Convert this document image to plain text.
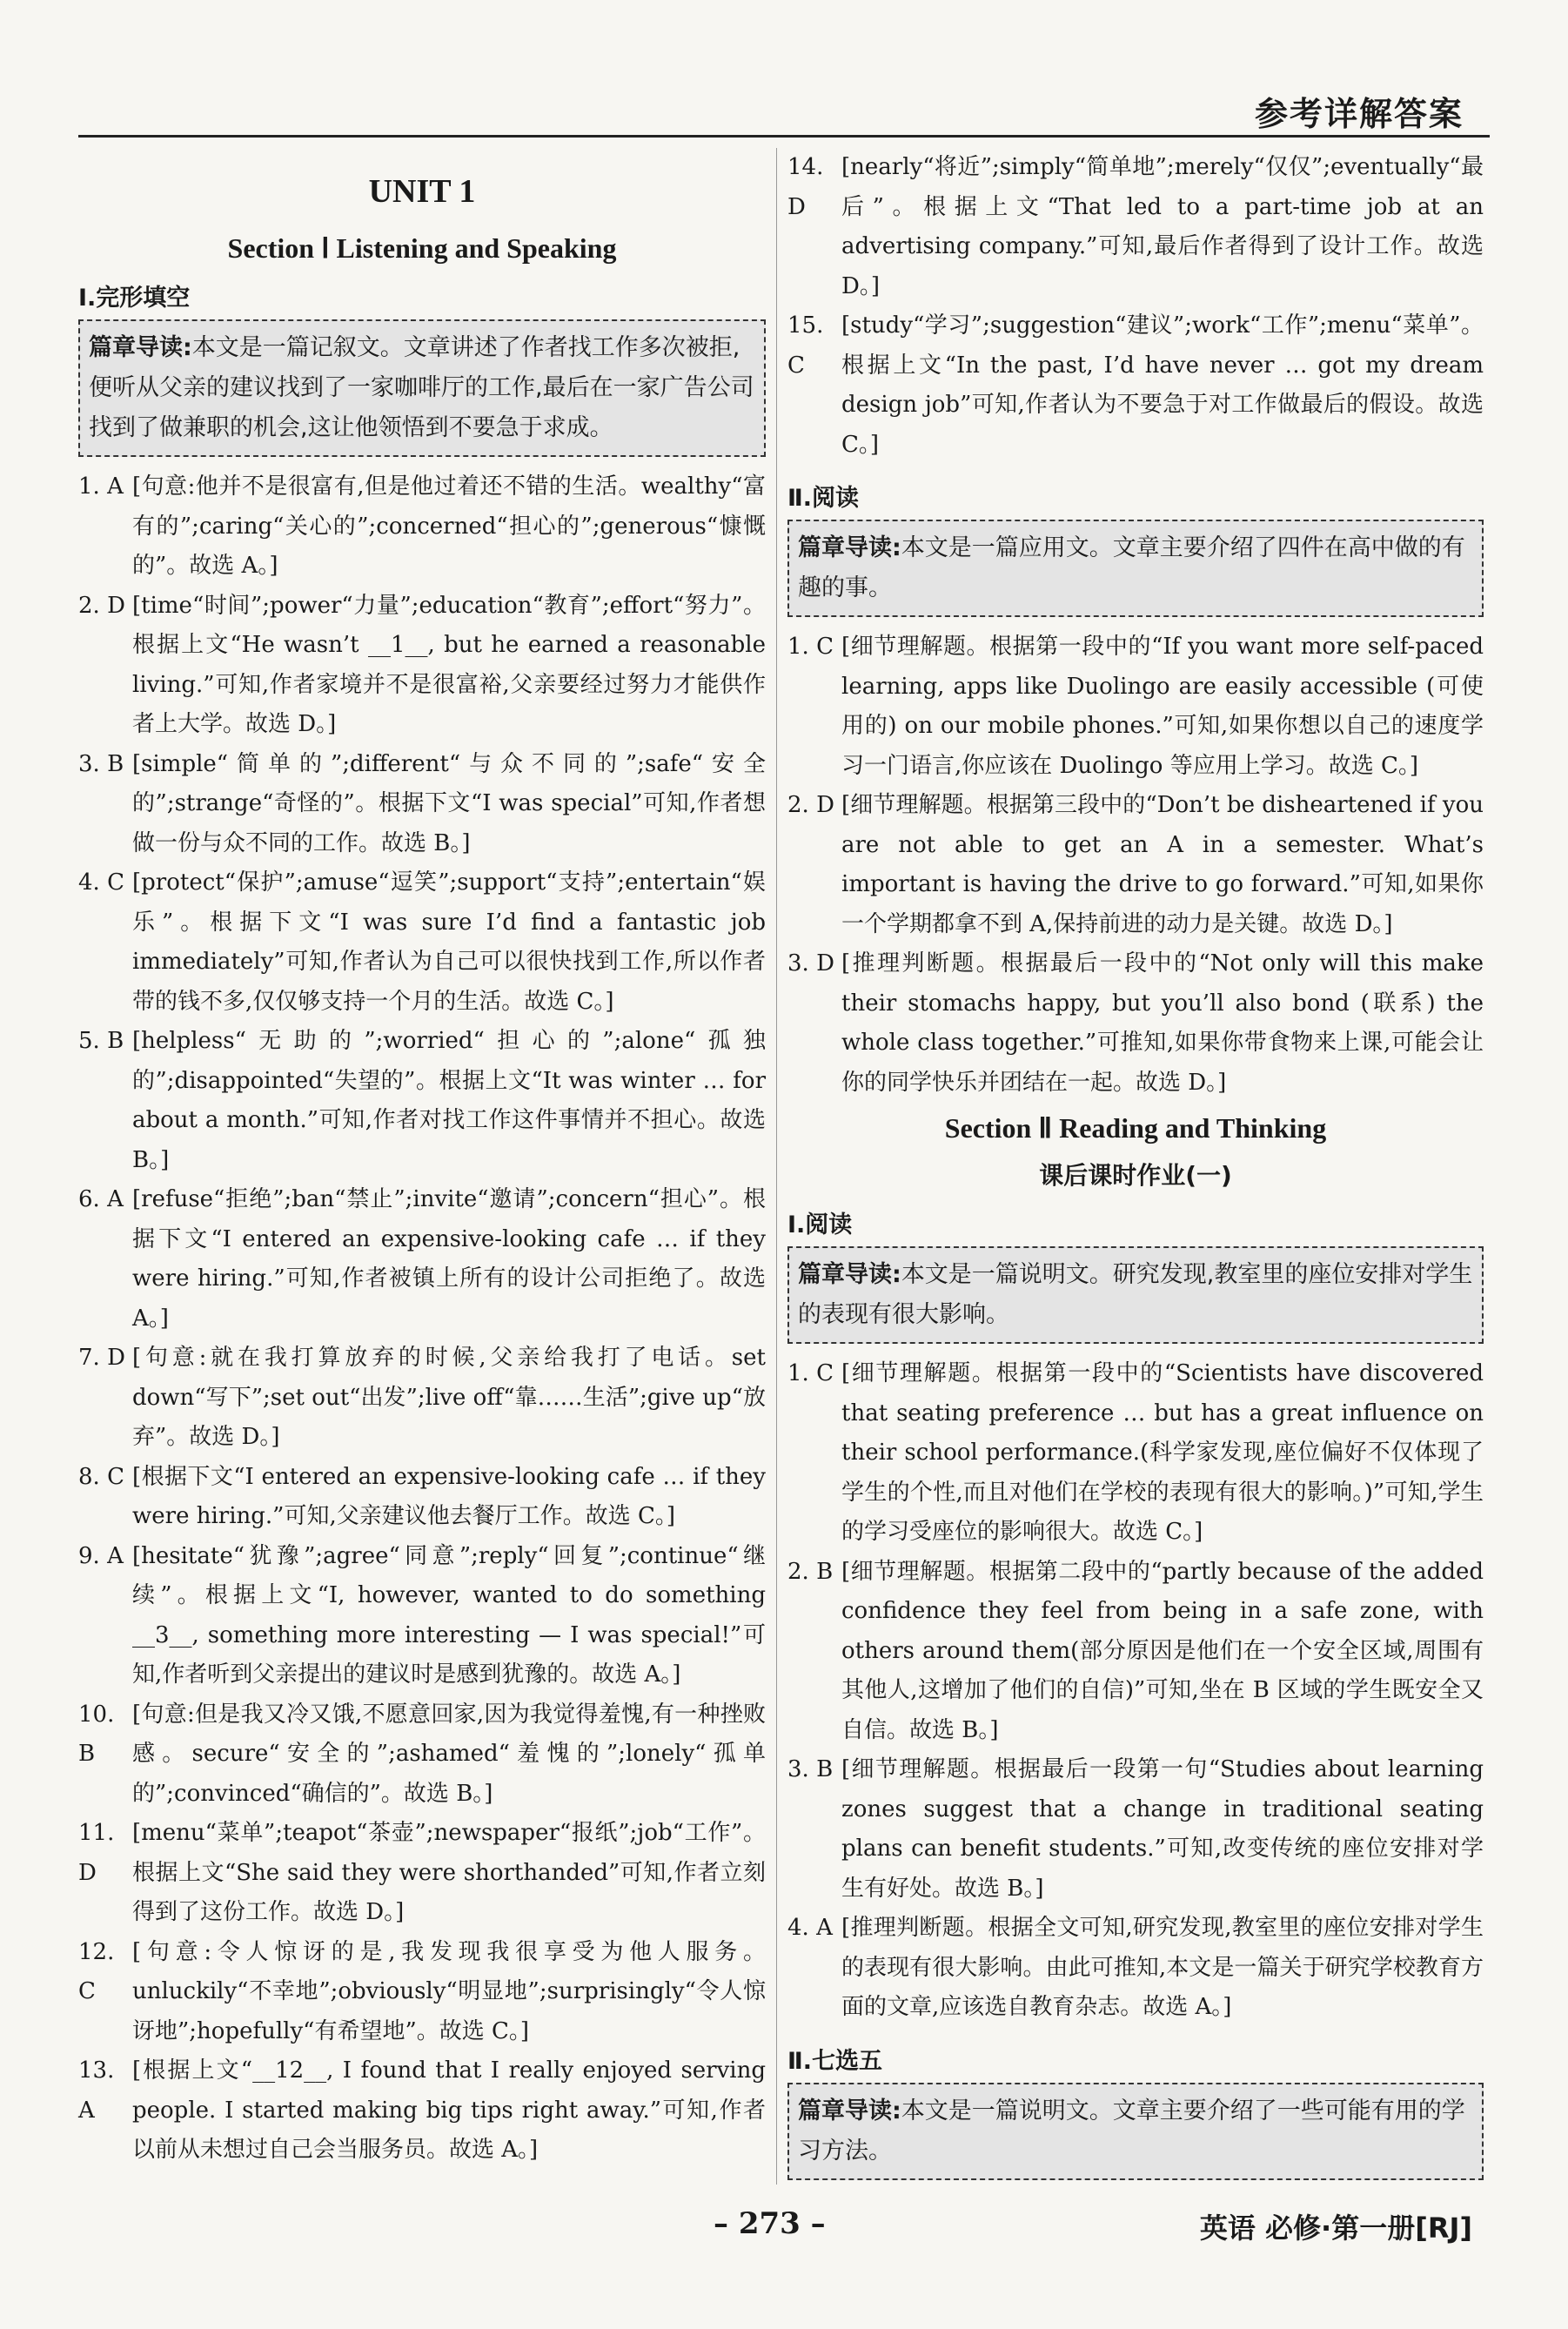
参考详解答案
UNIT 1
Section Ⅰ Listening and Speaking
Ⅰ.完形填空
篇章导读:本文是一篇记叙文。文章讲述了作者找工作多次被拒,便听从父亲的建议找到了一家咖啡厅的工作,最后在一家广告公司找到了做兼职的机会,这让他领悟到不要急于求成。
1. A [句意:他并不是很富有,但是他过着还不错的生活。wealthy“富有的”;caring“关心的”;concerned“担心的”;generous“慷慨的”。故选 A。]
2. D [time“时间”;power“力量”;education“教育”;effort“努力”。根据上文“He wasn’t __1__, but he earned a reasonable living.”可知,作者家境并不是很富裕,父亲要经过努力才能供作者上大学。故选 D。]
3. B [simple“简单的”;different“与众不同的”;safe“安全的”;strange“奇怪的”。根据下文“I was special”可知,作者想做一份与众不同的工作。故选 B。]
4. C [protect“保护”;amuse“逗笑”;support“支持”;entertain“娱乐”。根据下文“I was sure I’d find a fantastic job immediately”可知,作者认为自己可以很快找到工作,所以作者带的钱不多,仅仅够支持一个月的生活。故选 C。]
5. B [helpless“无助的”;worried“担心的”;alone“孤独的”;disappointed“失望的”。根据上文“It was winter … for about a month.”可知,作者对找工作这件事情并不担心。故选 B。]
6. A [refuse“拒绝”;ban“禁止”;invite“邀请”;concern“担心”。根据下文“I entered an expensive-looking cafe … if they were hiring.”可知,作者被镇上所有的设计公司拒绝了。故选 A。]
7. D [句意:就在我打算放弃的时候,父亲给我打了电话。set down“写下”;set out“出发”;live off“靠……生活”;give up“放弃”。故选 D。]
8. C [根据下文“I entered an expensive-looking cafe … if they were hiring.”可知,父亲建议他去餐厅工作。故选 C。]
9. A [hesitate“犹豫”;agree“同意”;reply“回复”;continue“继续”。根据上文“I, however, wanted to do something __3__, something more interesting — I was special!”可知,作者听到父亲提出的建议时是感到犹豫的。故选 A。]
10. B
[句意:但是我又冷又饿,不愿意回家,因为我觉得羞愧,有一种挫败感。secure“安全的”;ashamed“羞愧的”;lonely“孤单的”;convinced“确信的”。故选 B。]
11. D
[menu“菜单”;teapot“茶壶”;newspaper“报纸”;job“工作”。根据上文“She said they were shorthanded”可知,作者立刻得到了这份工作。故选 D。]
12. C
[句意:令人惊讶的是,我发现我很享受为他人服务。unluckily“不幸地”;obviously“明显地”;surprisingly“令人惊讶地”;hopefully“有希望地”。故选 C。]
13. A
[根据上文“__12__, I found that I really enjoyed serving people. I started making big tips right away.”可知,作者以前从未想过自己会当服务员。故选 A。]
14. D
[nearly“将近”;simply“简单地”;merely“仅仅”;eventually“最后”。根据上文“That led to a part-time job at an advertising company.”可知,最后作者得到了设计工作。故选 D。]
15. C
[study“学习”;suggestion“建议”;work“工作”;menu“菜单”。根据上文“In the past, I’d have never … got my dream design job”可知,作者认为不要急于对工作做最后的假设。故选 C。]
Ⅱ.阅读
篇章导读:本文是一篇应用文。文章主要介绍了四件在高中做的有趣的事。
1. C [细节理解题。根据第一段中的“If you want more self-paced learning, apps like Duolingo are easily accessible (可使用的) on our mobile phones.”可知,如果你想以自己的速度学习一门语言,你应该在 Duolingo 等应用上学习。故选 C。]
2. D [细节理解题。根据第三段中的“Don’t be disheartened if you are not able to get an A in a semester. What’s important is having the drive to go forward.”可知,如果你一个学期都拿不到 A,保持前进的动力是关键。故选 D。]
3. D [推理判断题。根据最后一段中的“Not only will this make their stomachs happy, but you’ll also bond (联系) the whole class together.”可推知,如果你带食物来上课,可能会让你的同学快乐并团结在一起。故选 D。]
Section Ⅱ Reading and Thinking
课后课时作业(一)
Ⅰ.阅读
篇章导读:本文是一篇说明文。研究发现,教室里的座位安排对学生的表现有很大影响。
1. C [细节理解题。根据第一段中的“Scientists have discovered that seating preference … but has a great influence on their school performance.(科学家发现,座位偏好不仅体现了学生的个性,而且对他们在学校的表现有很大的影响。)”可知,学生的学习受座位的影响很大。故选 C。]
2. B [细节理解题。根据第二段中的“partly because of the added confidence they feel from being in a safe zone, with others around them(部分原因是他们在一个安全区域,周围有其他人,这增加了他们的自信)”可知,坐在 B 区域的学生既安全又自信。故选 B。]
3. B [细节理解题。根据最后一段第一句“Studies about learning zones suggest that a change in traditional seating plans can benefit students.”可知,改变传统的座位安排对学生有好处。故选 B。]
4. A [推理判断题。根据全文可知,研究发现,教室里的座位安排对学生的表现有很大影响。由此可推知,本文是一篇关于研究学校教育方面的文章,应该选自教育杂志。故选 A。]
Ⅱ.七选五
篇章导读:本文是一篇说明文。文章主要介绍了一些可能有用的学习方法。
– 273 –	英语 必修·第一册[RJ]
